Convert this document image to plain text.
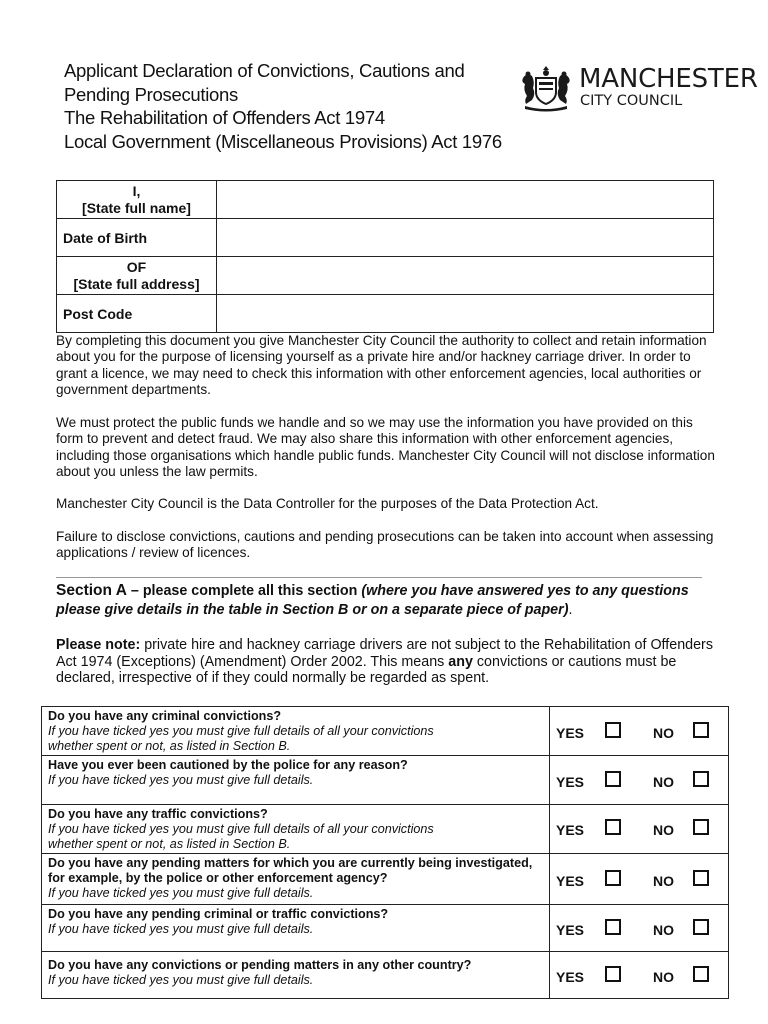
Applicant Declaration of Convictions, Cautions and
Pending Prosecutions
The Rehabilitation of Offenders Act 1974
Local Government (Miscellaneous Provisions) Act 1976
MANCHESTER
CITY COUNCIL
I,
[State full name]	
Date of Birth	
OF
[State full address]	
Post Code	

By completing this document you give Manchester City Council the authority to collect and retain information about you for the purpose of licensing yourself as a private hire and/or hackney carriage driver. In order to grant a licence, we may need to check this information with other enforcement agencies, local authorities or government departments.

We must protect the public funds we handle and so we may use the information you have provided on this form to prevent and detect fraud. We may also share this information with other enforcement agencies, including those organisations which handle public funds. Manchester City Council will not disclose information about you unless the law permits.

Manchester City Council is the Data Controller for the purposes of the Data Protection Act.

Failure to disclose convictions, cautions and pending prosecutions can be taken into account when assessing applications / review of licences.

Section A – please complete all this section (where you have answered yes to any questions please give details in the table in Section B or on a separate piece of paper).
Please note: private hire and hackney carriage drivers are not subject to the Rehabilitation of Offenders Act 1974 (Exceptions) (Amendment) Order 2002. This means any convictions or cautions must be declared, irrespective of if they could normally be regarded as spent.
Do you have any criminal convictions?
If you have ticked yes you must give full details of all your convictions
whether spent or not, as listed in Section B.	YES NO

Have you ever been cautioned by the police for any reason?
If you have ticked yes you must give full details.	YES NO

Do you have any traffic convictions?
If you have ticked yes you must give full details of all your convictions
whether spent or not, as listed in Section B.	YES NO

Do you have any pending matters for which you are currently being investigated, for example, by the police or other enforcement agency?
If you have ticked yes you must give full details.	YES NO

Do you have any pending criminal or traffic convictions?
If you have ticked yes you must give full details.	YES NO

Do you have any convictions or pending matters in any other country?
If you have ticked yes you must give full details.	YES NO
